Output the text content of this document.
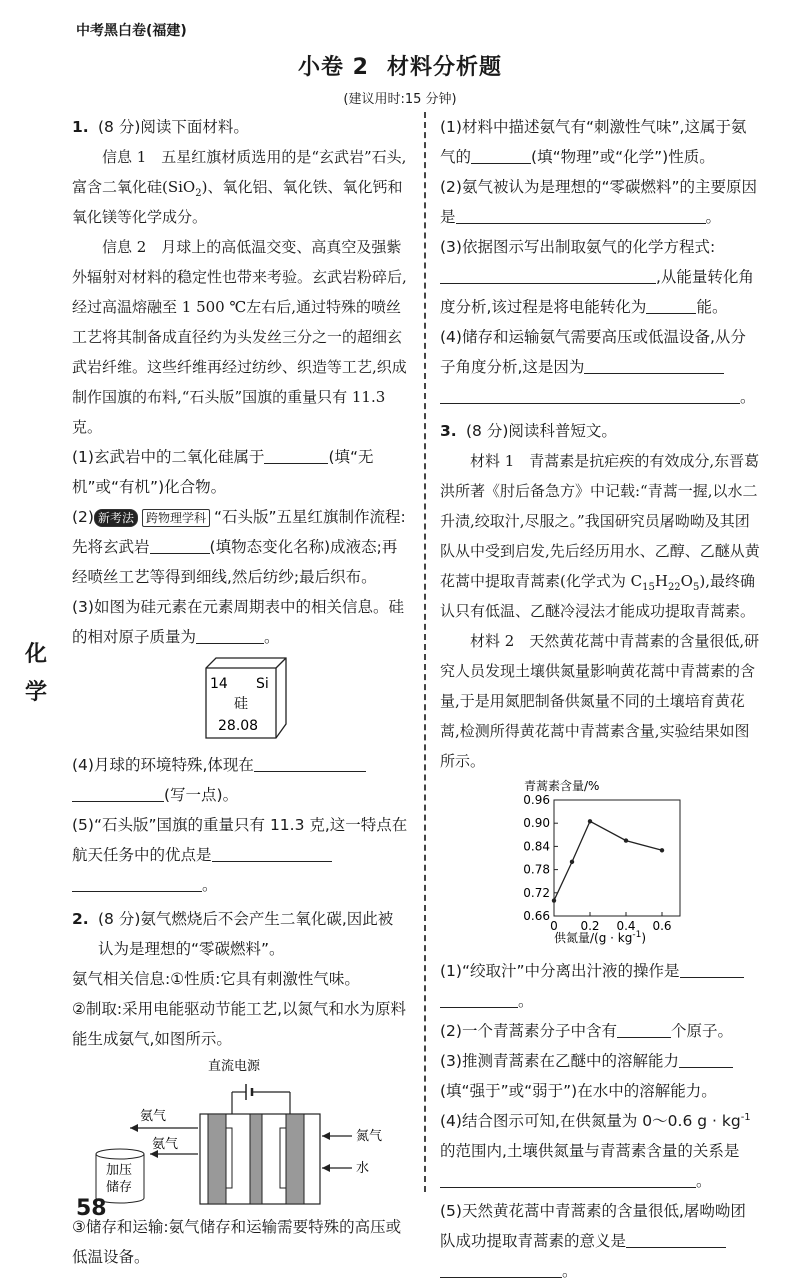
中考黑白卷(福建)
小卷 2 材料分析题
(建议用时:15 分钟)
化
学
1. (8 分)阅读下面材料。

信息 1　五星红旗材质选用的是“玄武岩”石头,富含二氧化硅(SiO$_2$)、氧化铝、氧化铁、氧化钙和氧化镁等化学成分。

信息 2　月球上的高低温交变、高真空及强紫外辐射对材料的稳定性也带来考验。玄武岩粉碎后,经过高温熔融至 1 500 ℃左右后,通过特殊的喷丝工艺将其制备成直径约为头发丝三分之一的超细玄武岩纤维。这些纤维再经过纺纱、织造等工艺,织成制作国旗的布料,“石头版”国旗的重量只有 11.3 克。

(1)玄武岩中的二氧化硅属于	(填“无机”或“有机”)化合物。

(2) 新考法 跨物理学科 “石头版”五星红旗制作流程:先将玄武岩	(填物态变化名称)成液态;再经喷丝工艺等得到细线,然后纺纱;最后织布。

(3)如图为硅元素在元素周期表中的相关信息。硅的相对原子质量为	。

14 Si
硅
28.08

(4)月球的环境特殊,体现在
(写一点)。

(5)“石头版”国旗的重量只有 11.3 克,这一特点在航天任务中的优点是
。

2. (8 分)氨气燃烧后不会产生二氧化碳,因此被认为是理想的“零碳燃料”。

氨气相关信息:①性质:它具有刺激性气味。

②制取:采用电能驱动节能工艺,以氮气和水为原料能生成氨气,如图所示。

直流电源
氨气
氨气
氮气
水
加压
储存

③储存和运输:氨气储存和运输需要特殊的高压或低温设备。

(1)材料中描述氨气有“刺激性气味”,这属于氨气的	(填“物理”或“化学”)性质。

(2)氨气被认为是理想的“零碳燃料”的主要原因是	。

(3)依据图示写出制取氨气的化学方程式:
,从能量转化角度分析,该过程是将电能转化为	能。

(4)储存和运输氨气需要高压或低温设备,从分子角度分析,这是因为
。

3. (8 分)阅读科普短文。

材料 1　青蒿素是抗疟疾的有效成分,东晋葛洪所著《肘后备急方》中记载:“青蒿一握,以水二升渍,绞取汁,尽服之。”我国研究员屠呦呦及其团队从中受到启发,先后经历用水、乙醇、乙醚从黄花蒿中提取青蒿素(化学式为 $C_{15}H_{22}O_5$),最终确认只有低温、乙醚冷浸法才能成功提取青蒿素。

材料 2　天然黄花蒿中青蒿素的含量很低,研究人员发现土壤供氮量影响黄花蒿中青蒿素的含量,于是用氮肥制备供氮量不同的土壤培育黄花蒿,检测所得黄花蒿中青蒿素含量,实验结果如图所示。

青蒿素含量/%
供氮量$/(g \cdot kg^{-1})$
0.66
0.72
0.78
0.84
0.90
0.96
0 0.2 0.4 0.6

(1)“绞取汁”中分离出汁液的操作是
。

(2)一个青蒿素分子中含有	个原子。

(3)推测青蒿素在乙醚中的溶解能力(填“强于”或“弱于”)在水中的溶解能力。

(4)结合图示可知,在供氮量为 0～0.6 $g \cdot kg^{-1}$的范围内,土壤供氮量与青蒿素含量的关系是
。

(5)天然黄花蒿中青蒿素的含量很低,屠呦呦团队成功提取青蒿素的意义是
。

58
